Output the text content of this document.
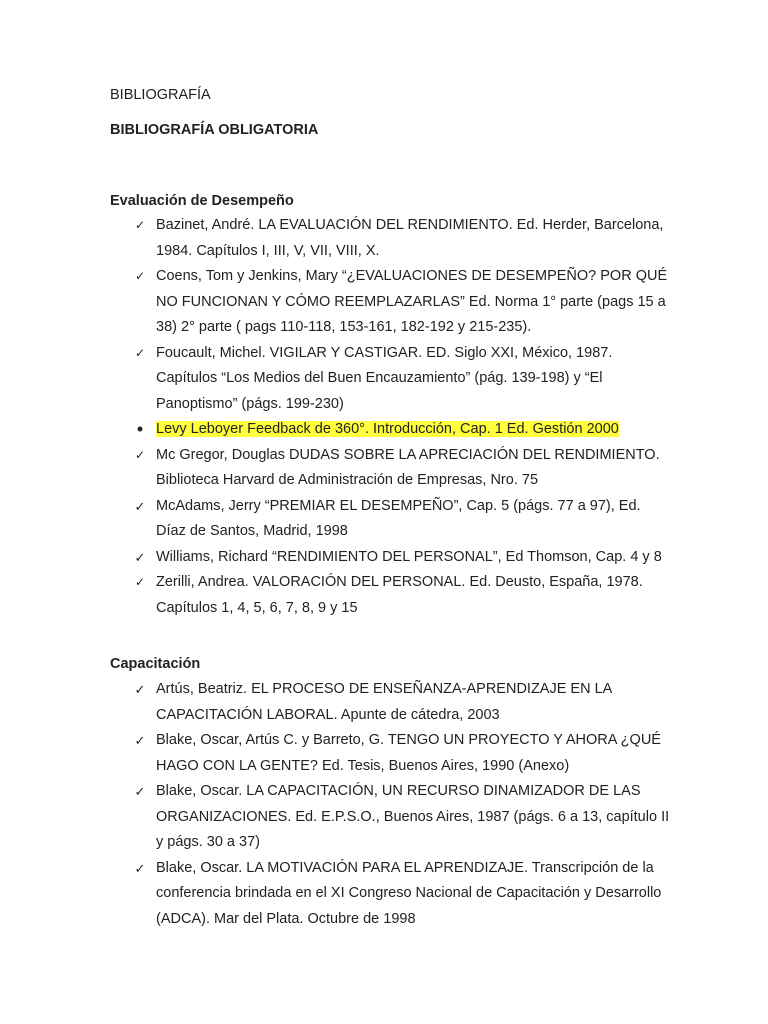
BIBLIOGRAFÍA
BIBLIOGRAFÍA OBLIGATORIA
Evaluación de Desempeño
✓ Bazinet, André. LA EVALUACIÓN DEL RENDIMIENTO. Ed. Herder, Barcelona, 1984. Capítulos I, III, V, VII, VIII, X.
✓ Coens, Tom y Jenkins, Mary “¿EVALUACIONES DE DESEMPEÑO? POR QUÉ NO FUNCIONAN Y CÓMO REEMPLAZARLAS” Ed. Norma 1° parte (pags 15 a 38) 2° parte ( pags 110-118, 153-161, 182-192 y 215-235).
✓ Foucault, Michel. VIGILAR Y CASTIGAR. ED. Siglo XXI, México, 1987. Capítulos “Los Medios del Buen Encauzamiento” (pág. 139-198) y “El Panoptismo” (págs. 199-230)
• Levy Leboyer Feedback de 360°. Introducción, Cap. 1 Ed. Gestión 2000
✓ Mc Gregor, Douglas DUDAS SOBRE LA APRECIACIÓN DEL RENDIMIENTO. Biblioteca Harvard de Administración de Empresas, Nro. 75
✓ McAdams, Jerry “PREMIAR EL DESEMPEÑO”, Cap. 5 (págs. 77 a 97), Ed. Díaz de Santos, Madrid, 1998
✓ Williams, Richard “RENDIMIENTO DEL PERSONAL”, Ed Thomson, Cap. 4 y 8
✓ Zerilli, Andrea. VALORACIÓN DEL PERSONAL. Ed. Deusto, España, 1978. Capítulos 1, 4, 5, 6, 7, 8, 9 y 15
Capacitación
✓ Artús, Beatriz. EL PROCESO DE ENSEÑANZA-APRENDIZAJE EN LA CAPACITACIÓN LABORAL. Apunte de cátedra, 2003
✓ Blake, Oscar, Artús C. y Barreto, G. TENGO UN PROYECTO Y AHORA ¿QUÉ HAGO CON LA GENTE? Ed. Tesis, Buenos Aires, 1990 (Anexo)
✓ Blake, Oscar. LA CAPACITACIÓN, UN RECURSO DINAMIZADOR DE LAS ORGANIZACIONES. Ed. E.P.S.O., Buenos Aires, 1987 (págs. 6 a 13, capítulo II y págs. 30 a 37)
✓ Blake, Oscar. LA MOTIVACIÓN PARA EL APRENDIZAJE. Transcripción de la conferencia brindada en el XI Congreso Nacional de Capacitación y Desarrollo (ADCA). Mar del Plata. Octubre de 1998
